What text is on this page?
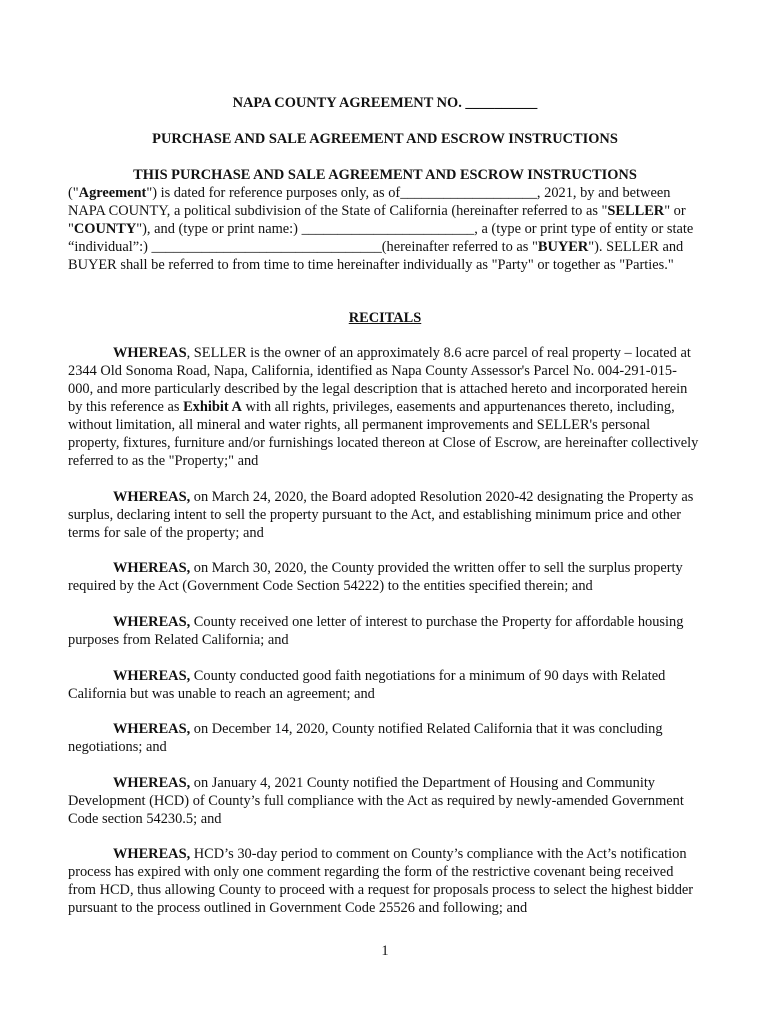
NAPA COUNTY AGREEMENT NO. __________
PURCHASE AND SALE AGREEMENT AND ESCROW INSTRUCTIONS
THIS PURCHASE AND SALE AGREEMENT AND ESCROW INSTRUCTIONS
("Agreement") is dated for reference purposes only, as of___________________, 2021, by and between NAPA COUNTY, a political subdivision of the State of California (hereinafter referred to as "SELLER" or "COUNTY"), and (type or print name:) ________________________, a (type or print type of entity or state “individual”:) ________________________________(hereinafter referred to as "BUYER"). SELLER and BUYER shall be referred to from time to time hereinafter individually as "Party" or together as "Parties."
RECITALS
WHEREAS, SELLER is the owner of an approximately 8.6 acre parcel of real property – located at 2344 Old Sonoma Road, Napa, California, identified as Napa County Assessor's Parcel No. 004-291-015-000, and more particularly described by the legal description that is attached hereto and incorporated herein by this reference as Exhibit A with all rights, privileges, easements and appurtenances thereto, including, without limitation, all mineral and water rights, all permanent improvements and SELLER's personal property, fixtures, furniture and/or furnishings located thereon at Close of Escrow, are hereinafter collectively referred to as the "Property;" and
WHEREAS, on March 24, 2020, the Board adopted Resolution 2020-42 designating the Property as surplus, declaring intent to sell the property pursuant to the Act, and establishing minimum price and other terms for sale of the property; and
WHEREAS, on March 30, 2020, the County provided the written offer to sell the surplus property required by the Act (Government Code Section 54222) to the entities specified therein; and
WHEREAS, County received one letter of interest to purchase the Property for affordable housing purposes from Related California; and
WHEREAS, County conducted good faith negotiations for a minimum of 90 days with Related California but was unable to reach an agreement; and
WHEREAS, on December 14, 2020, County notified Related California that it was concluding negotiations; and
WHEREAS, on January 4, 2021 County notified the Department of Housing and Community Development (HCD) of County’s full compliance with the Act as required by newly-amended Government Code section 54230.5; and
WHEREAS, HCD’s 30-day period to comment on County’s compliance with the Act’s notification process has expired with only one comment regarding the form of the restrictive covenant being received from HCD, thus allowing County to proceed with a request for proposals process to select the highest bidder pursuant to the process outlined in Government Code 25526 and following; and
1
